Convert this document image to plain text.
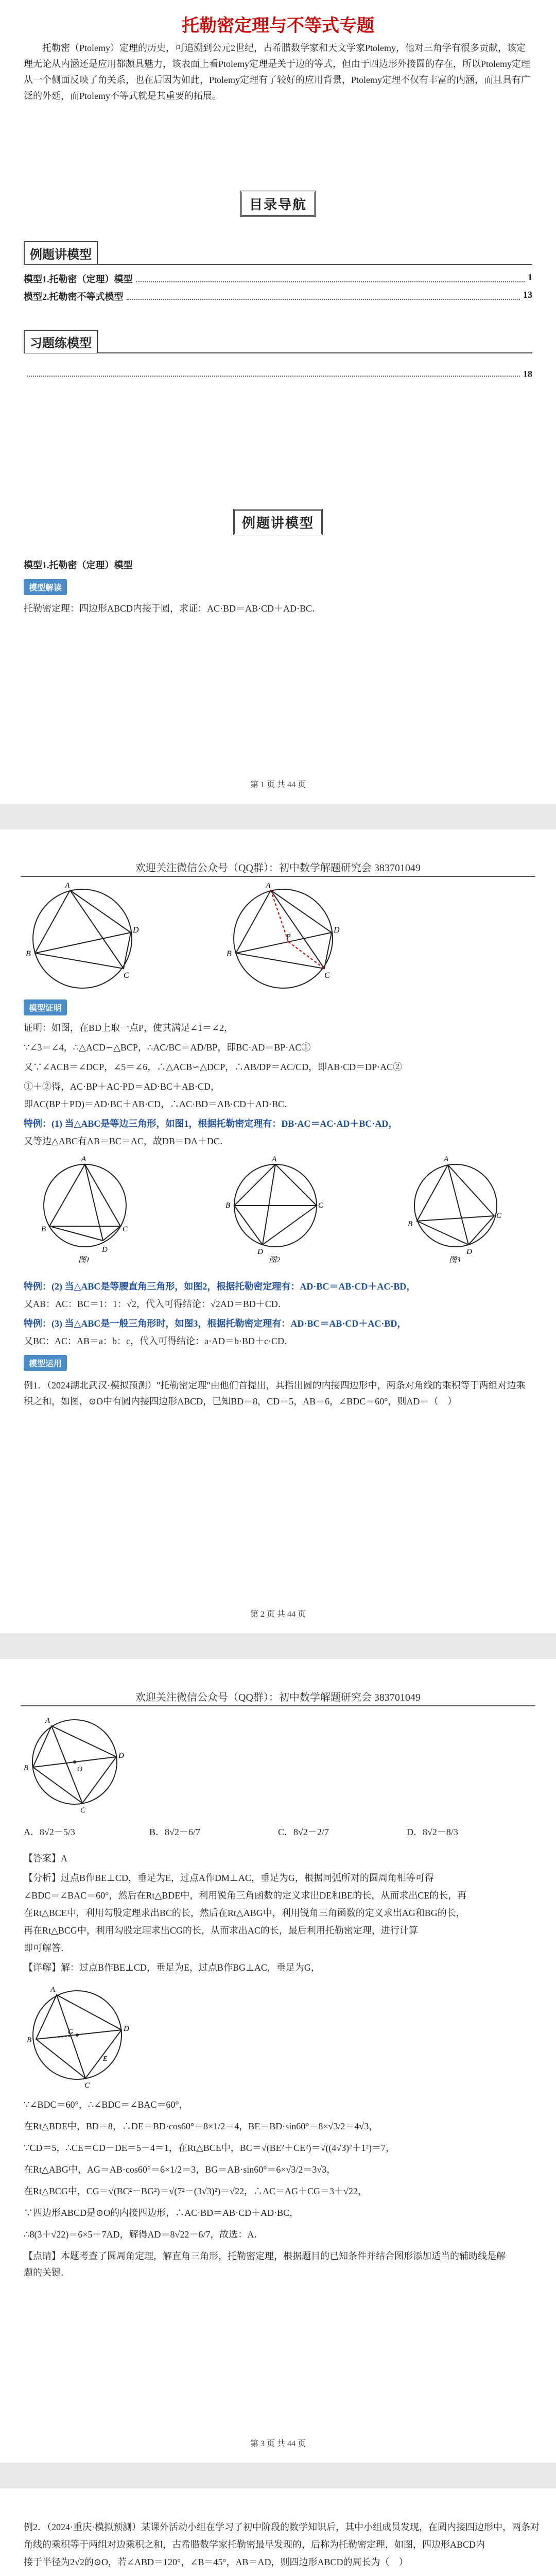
托勒密定理与不等式专题
托勒密（Ptolemy）定理的历史，可追溯到公元2世纪，古希腊数学家和天文学家Ptolemy，他对三角学有很多贡献，该定理无论从内涵还是应用都颇具魅力，该表面上看Ptolemy定理是关于边的等式，但由于四边形外接圆的存在，所以Ptolemy定理从一个侧面反映了角关系，也在后因为如此，Ptolemy定理有了较好的应用背景，Ptolemy定理不仅有丰富的内涵，而且具有广泛的外延，而Ptolemy不等式就是其重要的拓展。
目录导航
例题讲模型
模型1.托勒密（定理）模型	1
模型2.托勒密不等式模型	13
习题练模型
18
例题讲模型
模型1.托勒密（定理）模型
模型解读
托勒密定理：四边形ABCD内接于圆，求证：AC·BD＝AB·CD＋AD·BC．
第 1 页 共 44 页
欢迎关注微信公众号（QQ群）：初中数学解题研究会 383701049
A
B
C
D
A
B
C
D
P
模型证明
证明：如图，在BD上取一点P，使其满足∠1＝∠2，
∵∠3＝∠4，∴△ACD∽△BCP，∴AC/BC＝AD/BP，即BC·AD＝BP·AC①
又∵∠ACB＝∠DCP，∠5＝∠6，∴△ACB∽△DCP，∴AB/DP＝AC/CD，即AB·CD＝DP·AC②
①＋②得，AC·BP＋AC·PD＝AD·BC＋AB·CD，
即AC(BP＋PD)＝AD·BC＋AB·CD，∴AC·BD＝AB·CD＋AD·BC．
特例：(1) 当△ABC是等边三角形，如图1，根据托勒密定理有：DB·AC＝AC·AD＋BC·AD，
又等边△ABC有AB＝BC＝AC，故DB＝DA＋DC．
A
B	C
D
图1
A
B	C
D
图2
A
B
C
D
图3
特例：(2) 当△ABC是等腰直角三角形，如图2，根据托勒密定理有：AD·BC＝AB·CD＋AC·BD，
又AB：AC：BC＝1：1：√2，代入可得结论：√2AD＝BD＋CD．
特例：(3) 当△ABC是一般三角形时，如图3，根据托勒密定理有：AD·BC＝AB·CD＋AC·BD，
又BC：AC：AB＝a：b：c，代入可得结论：a·AD＝b·BD＋c·CD．
模型运用
例1．（2024湖北武汉·模拟预测）"托勒密定理"由他们首提出，其指出圆的内接四边形中，两条对角线的乘积等于两组对边乘积之和，如图，⊙O中有圆内接四边形ABCD，已知BD＝8，CD＝5，AB＝6，∠BDC＝60°，则AD＝（　）
第 2 页 共 44 页
欢迎关注微信公众号（QQ群）：初中数学解题研究会 383701049
O
A
B
C
D
A．8√2－5/3	B．8√2－6/7	C．8√2－2/7	D．8√2－8/3
【答案】A
【分析】过点B作BE⊥CD，垂足为E，过点A作DM⊥AC，垂足为G，根据同弧所对的圆周角相等可得
∠BDC＝∠BAC＝60°，然后在Rt△BDE中，利用锐角三角函数的定义求出DE和BE的长，从而求出CE的长，再
在Rt△BCE中，利用勾股定理求出BC的长，然后在Rt△ABG中，利用锐角三角函数的定义求出AG和BG的长，
再在Rt△BCG中，利用勾股定理求出CG的长，从而求出AC的长，最后利用托勒密定理，进行计算
即可解答．
【详解】解：过点B作BE⊥CD，垂足为E，过点B作BG⊥AC，垂足为G，
A
B
C
D
G
E
∵∠BDC＝60°，∴∠BDC＝∠BAC＝60°，
在Rt△BDE中，BD＝8，∴DE＝BD·cos60°＝8×1/2＝4，BE＝BD·sin60°＝8×√3/2＝4√3，
∵CD＝5，∴CE＝CD－DE＝5－4＝1，在Rt△BCE中，BC＝√(BE²＋CE²)＝√((4√3)²＋1²)＝7，
在Rt△ABG中，AG＝AB·cos60°＝6×1/2＝3，BG＝AB·sin60°＝6×√3/2＝3√3，
在Rt△BCG中，CG＝√(BC²－BG²)＝√(7²－(3√3)²)＝√22，∴AC＝AG＋CG＝3＋√22，
∵四边形ABCD是⊙O的内接四边形，∴AC·BD＝AB·CD＋AD·BC，
∴8(3＋√22)＝6×5＋7AD，解得AD＝8√22－6/7，故选：A．
【点睛】本题考查了圆周角定理，解直角三角形，托勒密定理，根据题目的已知条件并结合图形添加适当的辅助线是解
题的关键．
第 3 页 共 44 页
例2．（2024·重庆·模拟预测）某课外活动小组在学习了初中阶段的数学知识后，其中小组成员发现，在圆内接四边形中，两条对
角线的乘积等于两组对边乘积之和，古希腊数学家托勒密最早发现的，后称为托勒密定理，如图，四边形ABCD内
接于半径为2√2的⊙O，若∠ABD＝120°，∠B＝45°，AB＝AD，则四边形ABCD的周长为（　）
